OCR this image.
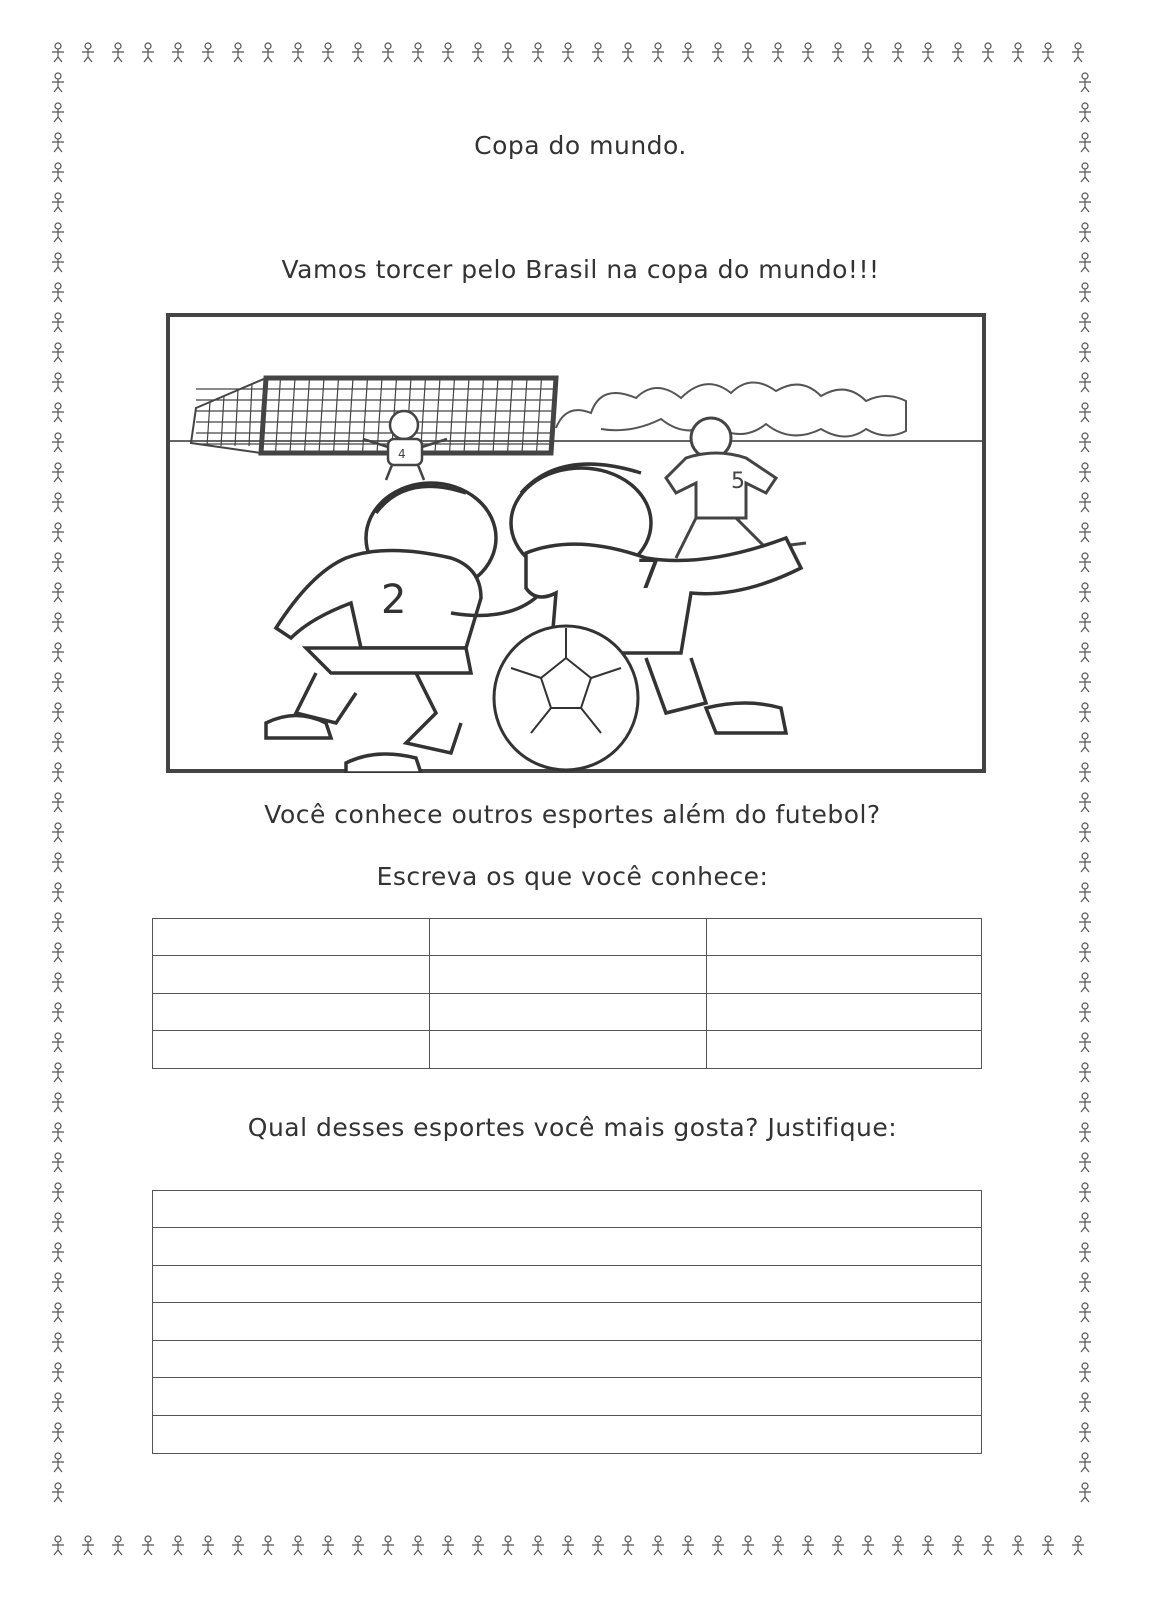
Copa do mundo.
Vamos torcer pelo Brasil na copa do mundo!!!
4
5
2
7
Você conhece outros esportes além do futebol?
Escreva os que você conhece:
Qual desses esportes você mais gosta? Justifique:
